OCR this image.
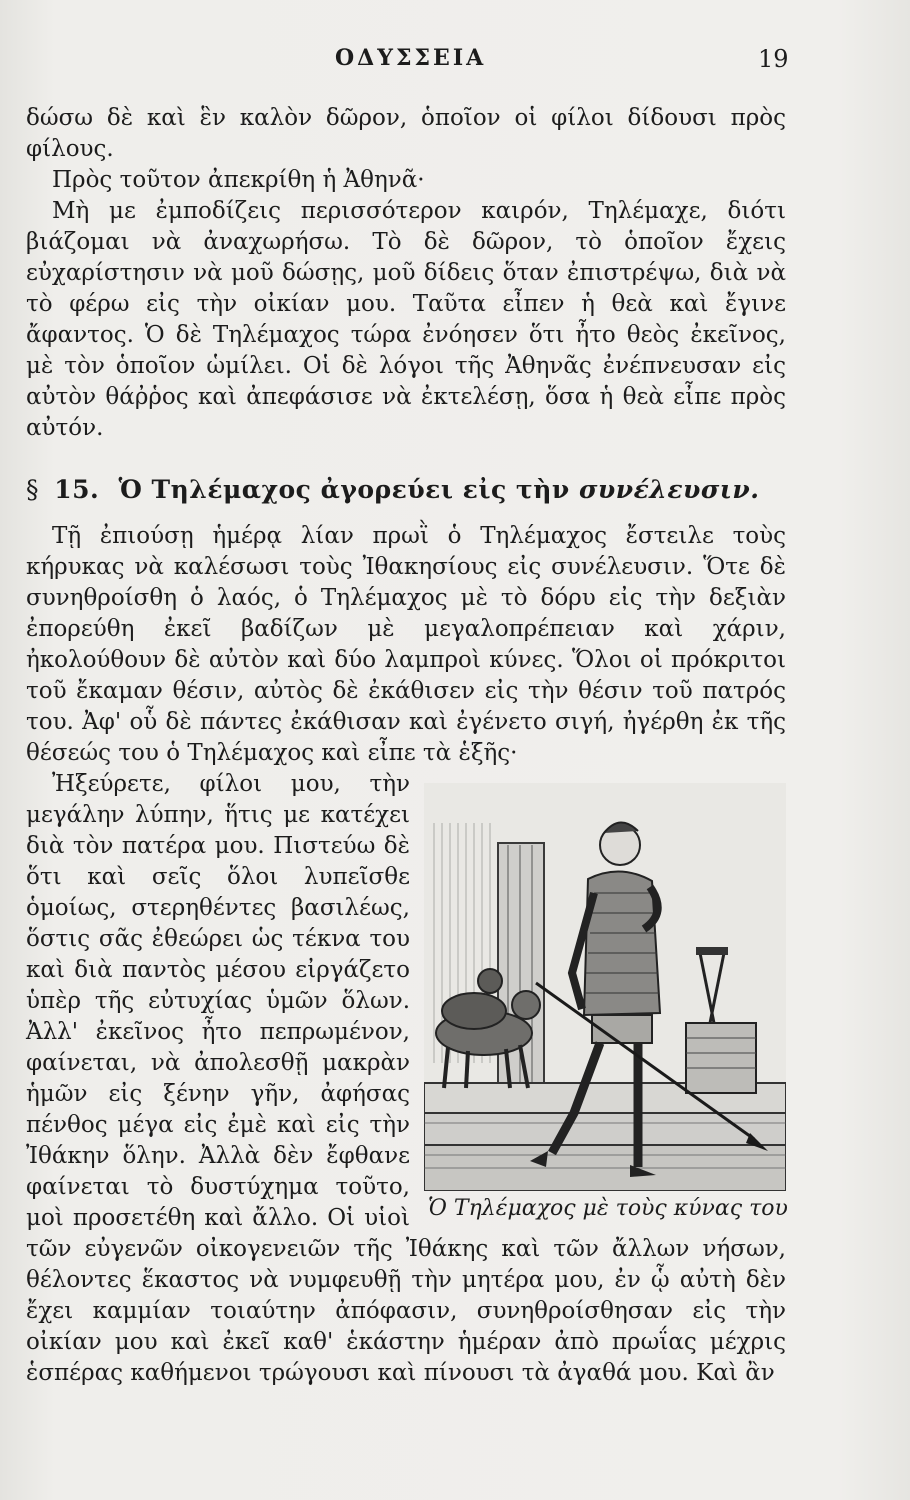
ΟΔΥΣΣΕΙΑ	19

δώσω δὲ καὶ ἓν καλὸν δῶρον, ὁποῖον οἱ φίλοι δίδουσι πρὸς φίλους.

Πρὸς τοῦτον ἀπεκρίθη ἡ Ἀθηνᾶ·

Μὴ με ἐμποδίζεις περισσότερον καιρόν, Τηλέμαχε, διότι βιάζομαι νὰ ἀναχωρήσω. Τὸ δὲ δῶρον, τὸ ὁποῖον ἔχεις εὐχαρίστησιν νὰ μοῦ δώσῃς, μοῦ δίδεις ὅταν ἐπιστρέψω, διὰ νὰ τὸ φέρω εἰς τὴν οἰκίαν μου. Ταῦτα εἶπεν ἡ θεὰ καὶ ἔγινε ἄφαντος. Ὁ δὲ Τηλέμαχος τώρα ἐνόησεν ὅτι ἦτο θεὸς ἐκεῖνος, μὲ τὸν ὁποῖον ὡμίλει. Οἱ δὲ λόγοι τῆς Ἀθηνᾶς ἐνέπνευσαν εἰς αὐτὸν θάῤῥος καὶ ἀπεφάσισε νὰ ἐκτελέσῃ, ὅσα ἡ θεὰ εἶπε πρὸς αὐτόν.

§ 15. Ὁ Τηλέμαχος ἀγορεύει εἰς τὴν συνέλευσιν.

Τῇ ἐπιούσῃ ἡμέρᾳ λίαν πρωῒ ὁ Τηλέμαχος ἔστειλε τοὺς κήρυκας νὰ καλέσωσι τοὺς Ἰθακησίους εἰς συνέλευσιν. Ὅτε δὲ συνηθροίσθη ὁ λαός, ὁ Τηλέμαχος μὲ τὸ δόρυ εἰς τὴν δεξιὰν ἐπορεύθη ἐκεῖ βαδίζων μὲ μεγαλοπρέπειαν καὶ χάριν, ἠκολούθουν δὲ αὐτὸν καὶ δύο λαμπροὶ κύνες. Ὅλοι οἱ πρόκριτοι τοῦ ἔκαμαν θέσιν, αὐτὸς δὲ ἐκάθισεν εἰς τὴν θέσιν τοῦ πατρός του. Ἀφ' οὗ δὲ πάντες ἐκάθισαν καὶ ἐγένετο σιγή, ἠγέρθη ἐκ τῆς θέσεώς του ὁ Τηλέμαχος καὶ εἶπε τὰ ἑξῆς·

Ὁ Τηλέμαχος μὲ τοὺς κύνας του

Ἠξεύρετε, φίλοι μου, τὴν μεγάλην λύπην, ἥτις με κατέχει διὰ τὸν πατέρα μου. Πιστεύω δὲ ὅτι καὶ σεῖς ὅλοι λυπεῖσθε ὁμοίως, στερηθέντες βασιλέως, ὅστις σᾶς ἐθεώρει ὡς τέκνα του καὶ διὰ παντὸς μέσου εἰργάζετο ὑπὲρ τῆς εὐτυχίας ὑμῶν ὅλων. Ἀλλ' ἐκεῖνος ἦτο πεπρωμένον, φαίνεται, νὰ ἀπολεσθῇ μακρὰν ἡμῶν εἰς ξένην γῆν, ἀφήσας πένθος μέγα εἰς ἐμὲ καὶ εἰς τὴν Ἰθάκην ὅλην. Ἀλλὰ δὲν ἔφθανε φαίνεται τὸ δυστύχημα τοῦτο, μοὶ προσετέθη καὶ ἄλλο. Οἱ υἱοὶ τῶν εὐγενῶν οἰκογενειῶν τῆς Ἰθάκης καὶ τῶν ἄλλων νήσων, θέλοντες ἕκαστος νὰ νυμφευθῇ τὴν μητέρα μου, ἐν ᾧ αὐτὴ δὲν ἔχει καμμίαν τοιαύτην ἀπόφασιν, συνηθροίσθησαν εἰς τὴν οἰκίαν μου καὶ ἐκεῖ καθ' ἑκάστην ἡμέραν ἀπὸ πρωΐας μέχρις ἑσπέρας καθήμενοι τρώγουσι καὶ πίνουσι τὰ ἀγαθά μου. Καὶ ἂν
